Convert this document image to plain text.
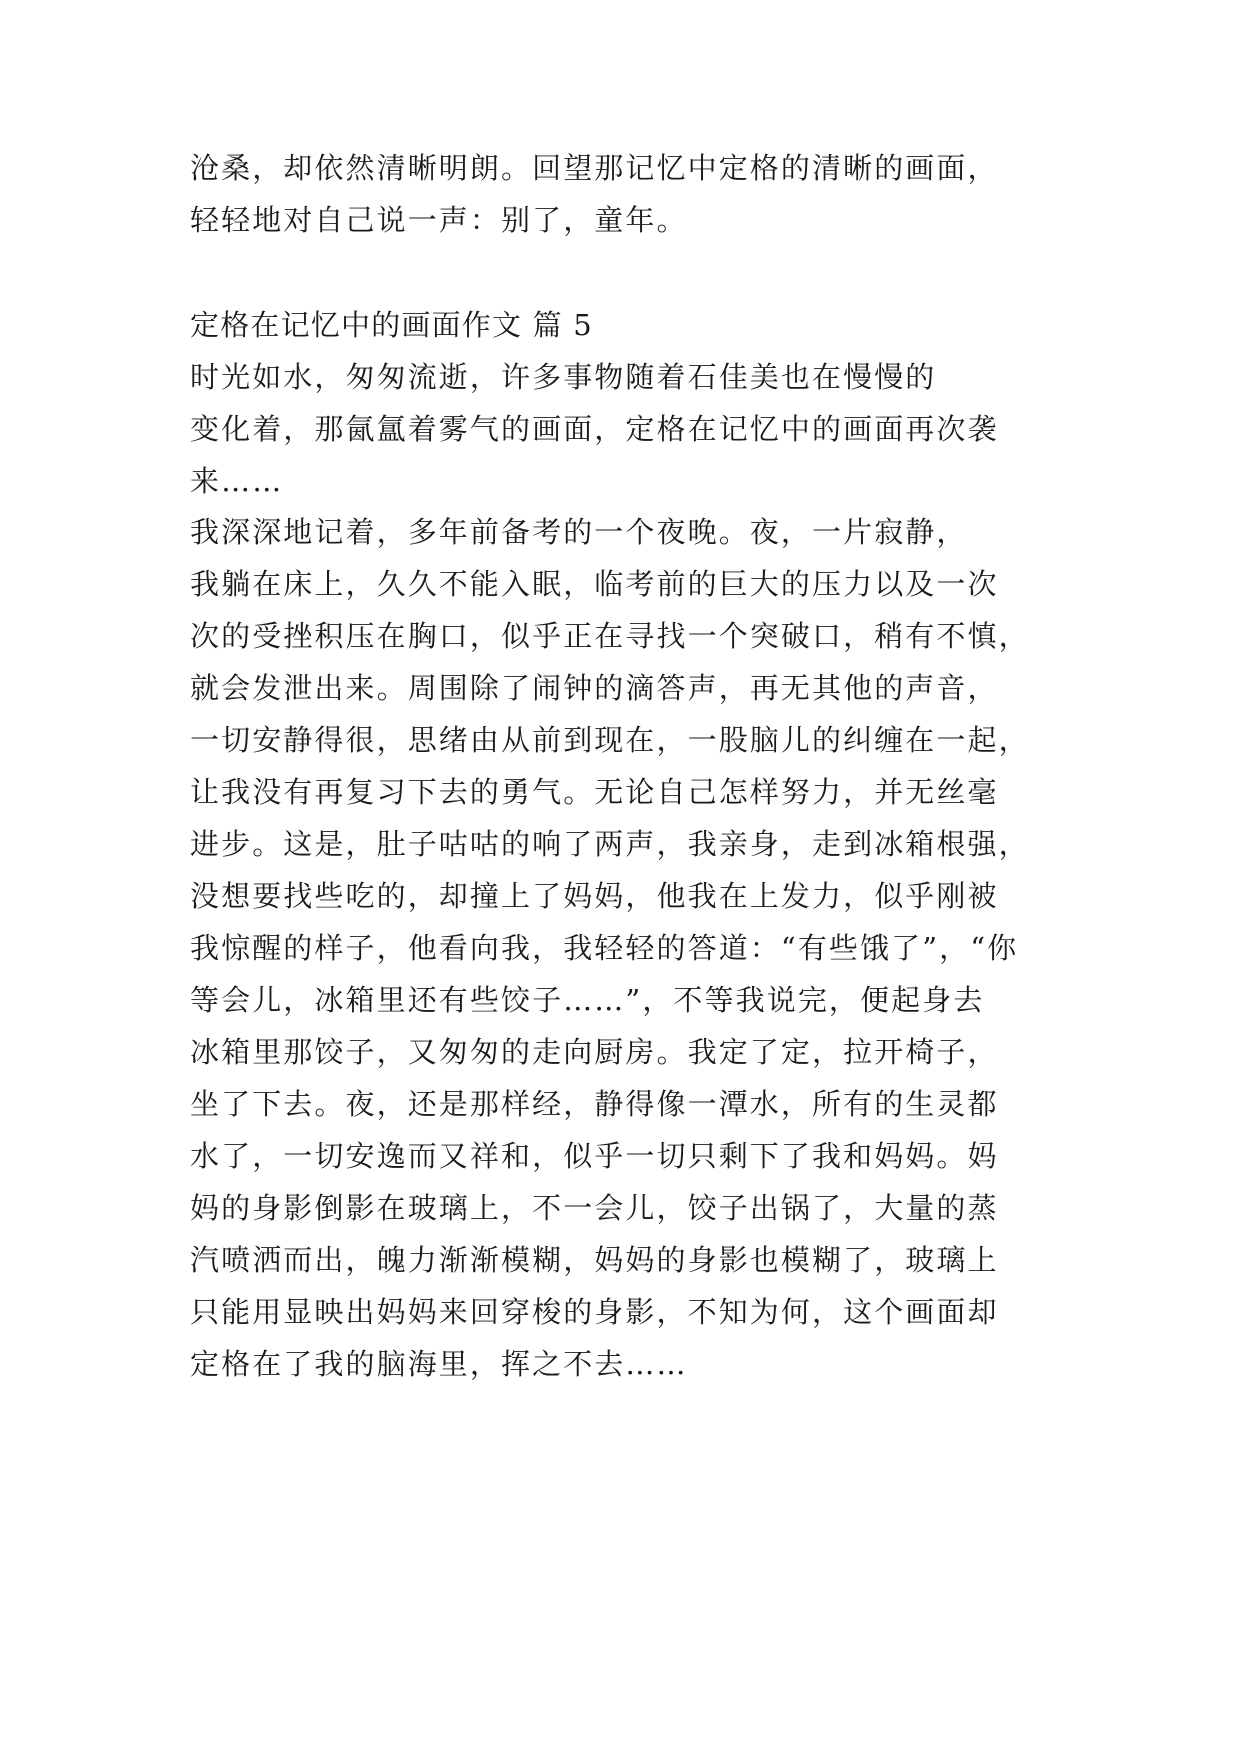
沧桑，却依然清晰明朗。回望那记忆中定格的清晰的画面，
轻轻地对自己说一声：别了，童年。
定格在记忆中的画面作文 篇 5
时光如水，匆匆流逝，许多事物随着石佳美也在慢慢的
变化着，那氤氲着雾气的画面，定格在记忆中的画面再次袭
来……
我深深地记着，多年前备考的一个夜晚。夜，一片寂静，
我躺在床上，久久不能入眠，临考前的巨大的压力以及一次
次的受挫积压在胸口，似乎正在寻找一个突破口，稍有不慎，
就会发泄出来。周围除了闹钟的滴答声，再无其他的声音，
一切安静得很，思绪由从前到现在，一股脑儿的纠缠在一起，
让我没有再复习下去的勇气。无论自己怎样努力，并无丝毫
进步。这是，肚子咕咕的响了两声，我亲身，走到冰箱根强，
没想要找些吃的，却撞上了妈妈，他我在上发力，似乎刚被
我惊醒的样子，他看向我，我轻轻的答道：“有些饿了”，“你
等会儿，冰箱里还有些饺子……”，不等我说完，便起身去
冰箱里那饺子，又匆匆的走向厨房。我定了定，拉开椅子，
坐了下去。夜，还是那样经，静得像一潭水，所有的生灵都
水了，一切安逸而又祥和，似乎一切只剩下了我和妈妈。妈
妈的身影倒影在玻璃上，不一会儿，饺子出锅了，大量的蒸
汽喷洒而出，魄力渐渐模糊，妈妈的身影也模糊了，玻璃上
只能用显映出妈妈来回穿梭的身影，不知为何，这个画面却
定格在了我的脑海里，挥之不去……
